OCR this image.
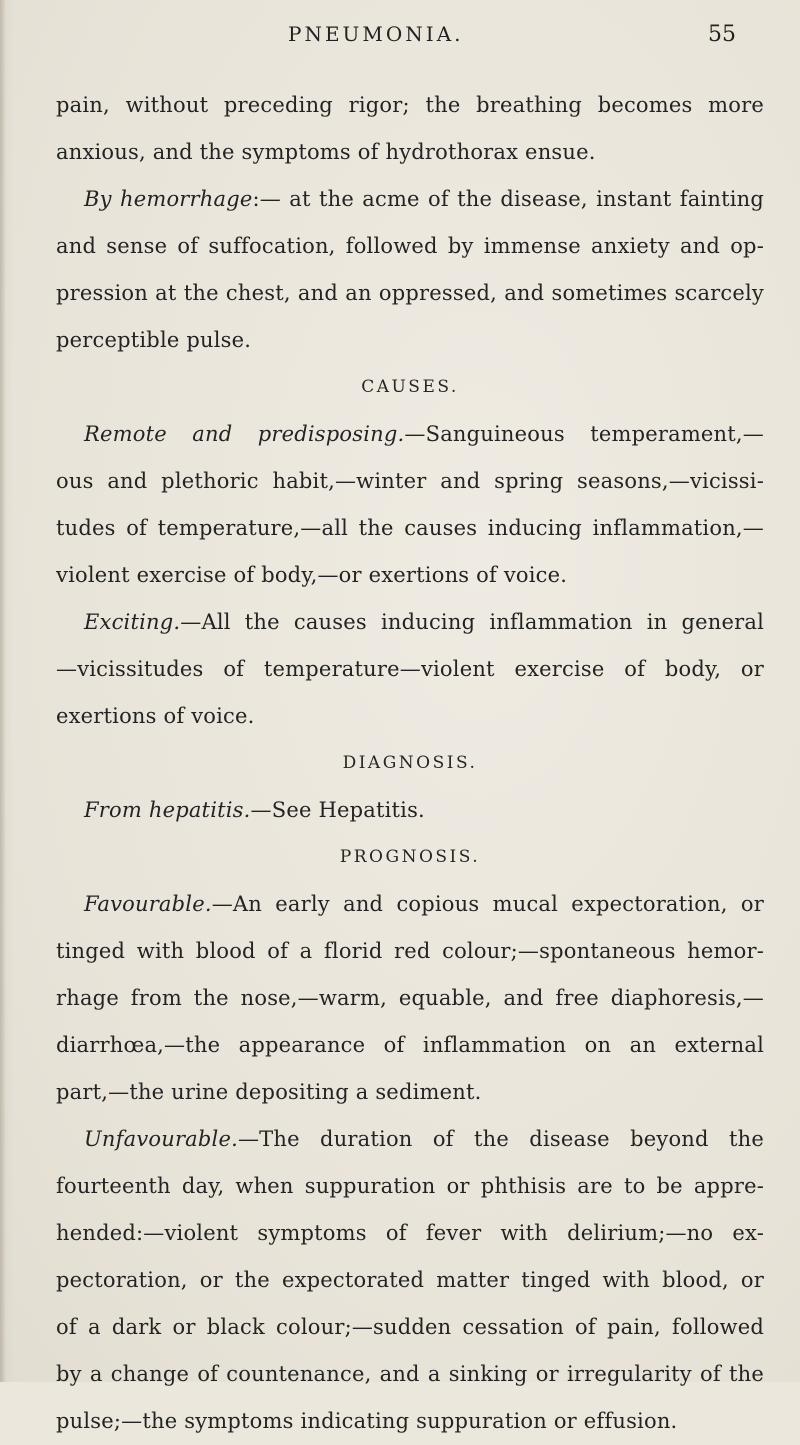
PNEUMONIA.	55
pain, without preceding rigor; the breathing becomes more
anxious, and the symptoms of hydrothorax ensue.
By hemorrhage:— at the acme of the disease, instant fainting
and sense of suffocation, followed by immense anxiety and op-
pression at the chest, and an oppressed, and sometimes scarcely
perceptible pulse.
CAUSES.
Remote and predisposing.—Sanguineous temperament,—
ous and plethoric habit,—winter and spring seasons,—vicissi-
tudes of temperature,—all the causes inducing inflammation,—
violent exercise of body,—or exertions of voice.
Exciting.—All the causes inducing inflammation in general
—vicissitudes of temperature—violent exercise of body, or
exertions of voice.
DIAGNOSIS.
From hepatitis.—See Hepatitis.
PROGNOSIS.
Favourable.—An early and copious mucal expectoration, or
tinged with blood of a florid red colour;—spontaneous hemor-
rhage from the nose,—warm, equable, and free diaphoresis,—
diarrhœa,—the appearance of inflammation on an external
part,—the urine depositing a sediment.
Unfavourable.—The duration of the disease beyond the
fourteenth day, when suppuration or phthisis are to be appre-
hended:—violent symptoms of fever with delirium;—no ex-
pectoration, or the expectorated matter tinged with blood, or
of a dark or black colour;—sudden cessation of pain, followed
by a change of countenance, and a sinking or irregularity of the
pulse;—the symptoms indicating suppuration or effusion.
